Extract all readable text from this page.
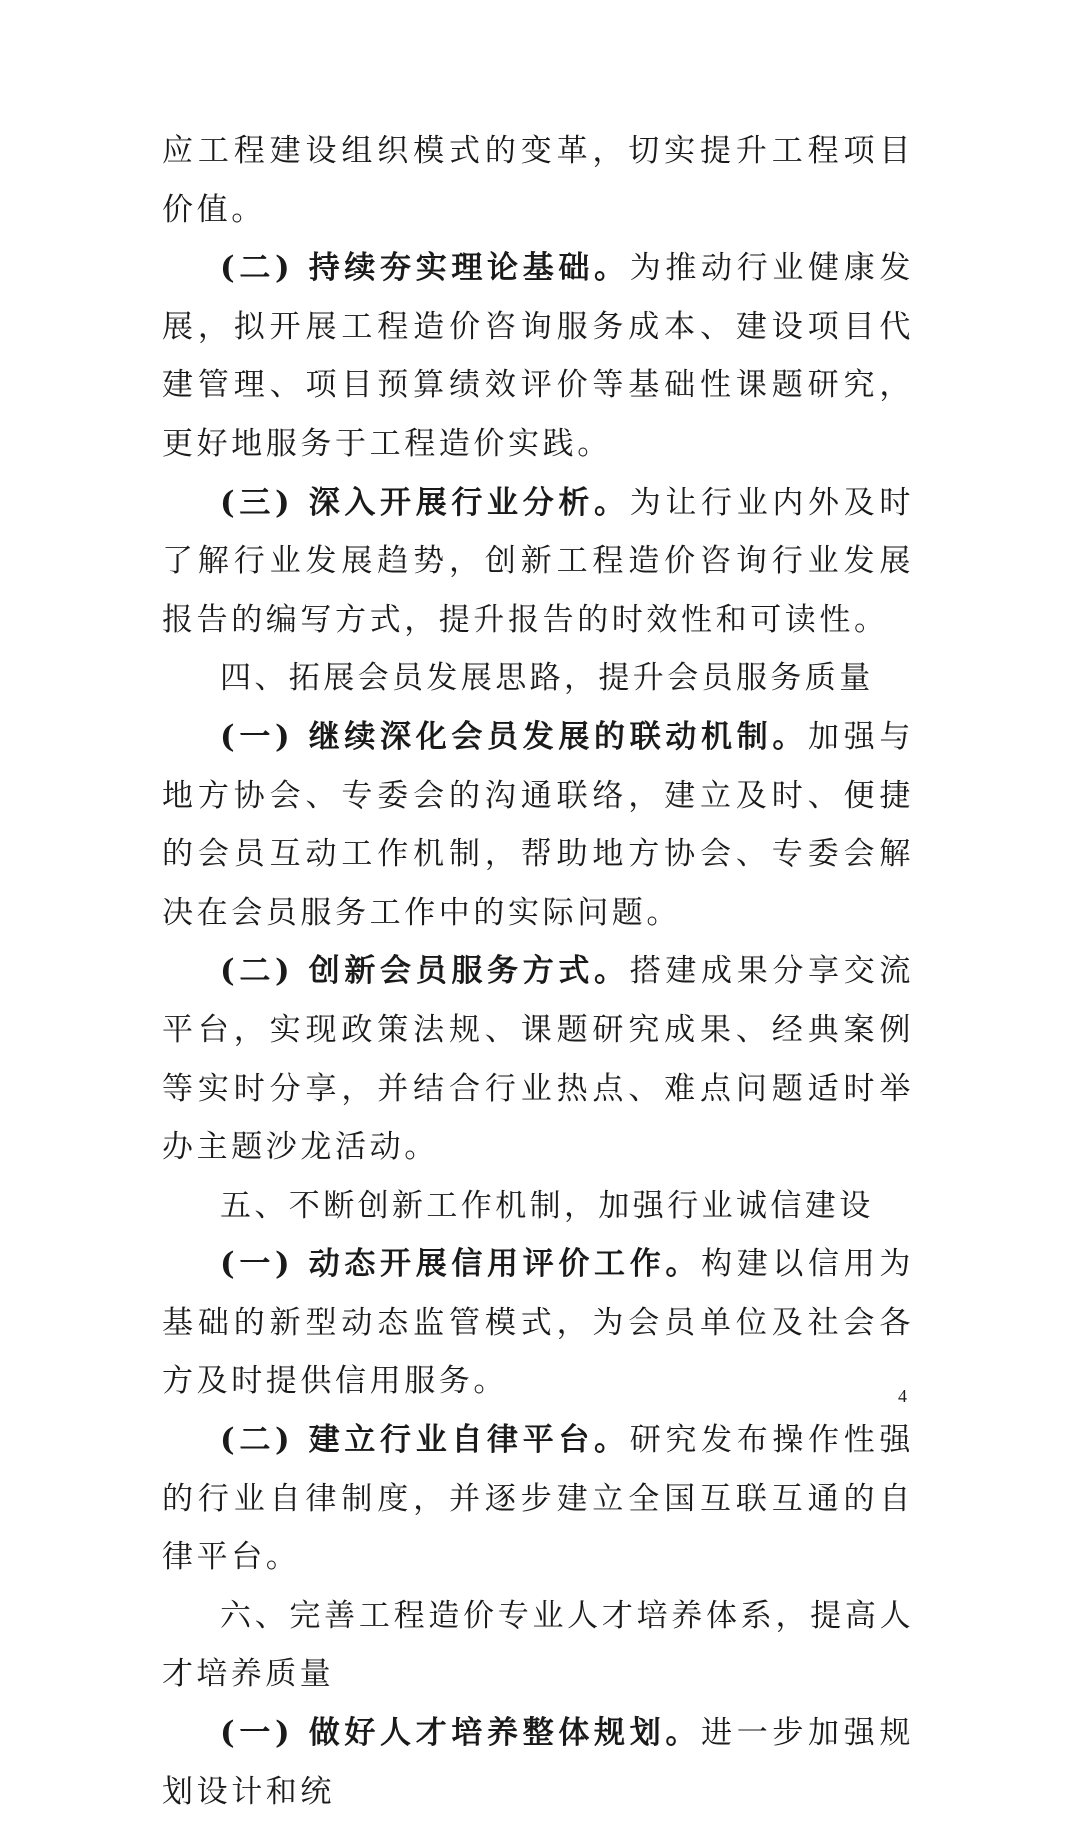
应工程建设组织模式的变革，切实提升工程项目价值。

(二) 持续夯实理论基础。为推动行业健康发展，拟开展工程造价咨询服务成本、建设项目代建管理、项目预算绩效评价等基础性课题研究，更好地服务于工程造价实践。

(三) 深入开展行业分析。为让行业内外及时了解行业发展趋势，创新工程造价咨询行业发展报告的编写方式，提升报告的时效性和可读性。

四、拓展会员发展思路，提升会员服务质量

(一) 继续深化会员发展的联动机制。加强与地方协会、专委会的沟通联络，建立及时、便捷的会员互动工作机制，帮助地方协会、专委会解决在会员服务工作中的实际问题。

(二) 创新会员服务方式。搭建成果分享交流平台，实现政策法规、课题研究成果、经典案例等实时分享，并结合行业热点、难点问题适时举办主题沙龙活动。

五、不断创新工作机制，加强行业诚信建设

(一) 动态开展信用评价工作。构建以信用为基础的新型动态监管模式，为会员单位及社会各方及时提供信用服务。

(二) 建立行业自律平台。研究发布操作性强的行业自律制度，并逐步建立全国互联互通的自律平台。

六、完善工程造价专业人才培养体系，提高人才培养质量

(一) 做好人才培养整体规划。进一步加强规划设计和统

4
